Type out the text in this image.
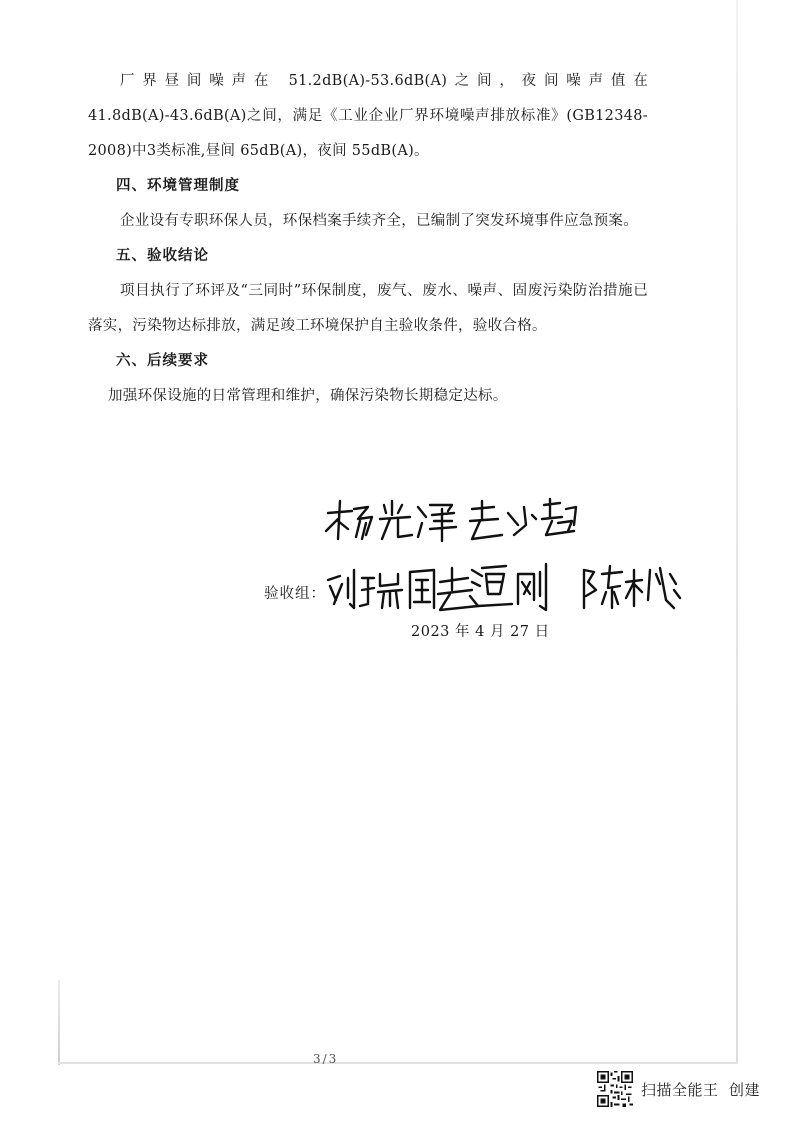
厂界昼间噪声在 51.2dB(A)-53.6dB(A)之间，夜间噪声值在 41.8dB(A)-43.6dB(A)之间，满足《工业企业厂界环境噪声排放标准》(GB12348-2008)中3类标准,昼间 65dB(A)，夜间 55dB(A)。

四、环境管理制度

企业设有专职环保人员，环保档案手续齐全，已编制了突发环境事件应急预案。

五、验收结论

项目执行了环评及“三同时”环保制度，废气、废水、噪声、固废污染防治措施已落实，污染物达标排放，满足竣工环境保护自主验收条件，验收合格。

六、后续要求

加强环保设施的日常管理和维护，确保污染物长期稳定达标。

验收组：
2023 年 4 月 27 日
3/3
扫描全能王  创建
